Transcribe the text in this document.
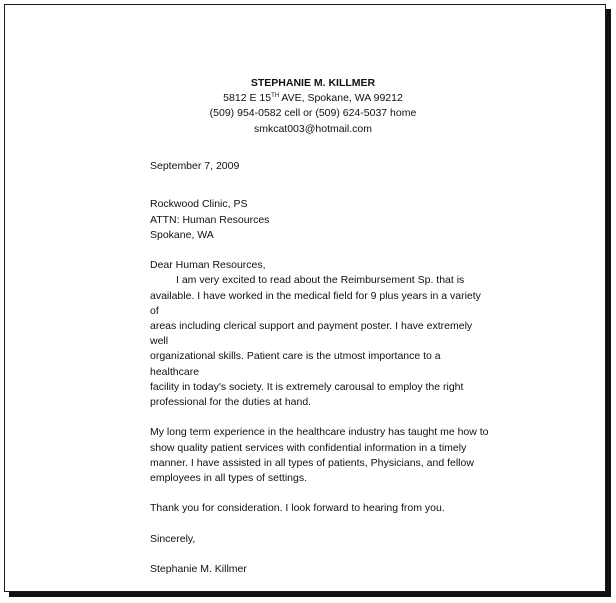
STEPHANIE M. KILLMER
5812 E 15TH AVE, Spokane, WA 99212
(509) 954-0582 cell or (509) 624-5037 home
smkcat003@hotmail.com

September 7, 2009

Rockwood Clinic, PS

ATTN: Human Resources

Spokane, WA

Dear Human Resources,

I am very excited to read about the Reimbursement Sp. that is

available. I have worked in the medical field for 9 plus years in a variety of

areas including clerical support and payment poster. I have extremely well

organizational skills. Patient care is the utmost importance to a healthcare

facility in today's society. It is extremely carousal to employ the right

professional for the duties at hand.

My long term experience in the healthcare industry has taught me how to

show quality patient services with confidential information in a timely

manner. I have assisted in all types of patients, Physicians, and fellow

employees in all types of settings.

Thank you for consideration. I look forward to hearing from you.

Sincerely,

Stephanie M. Killmer
